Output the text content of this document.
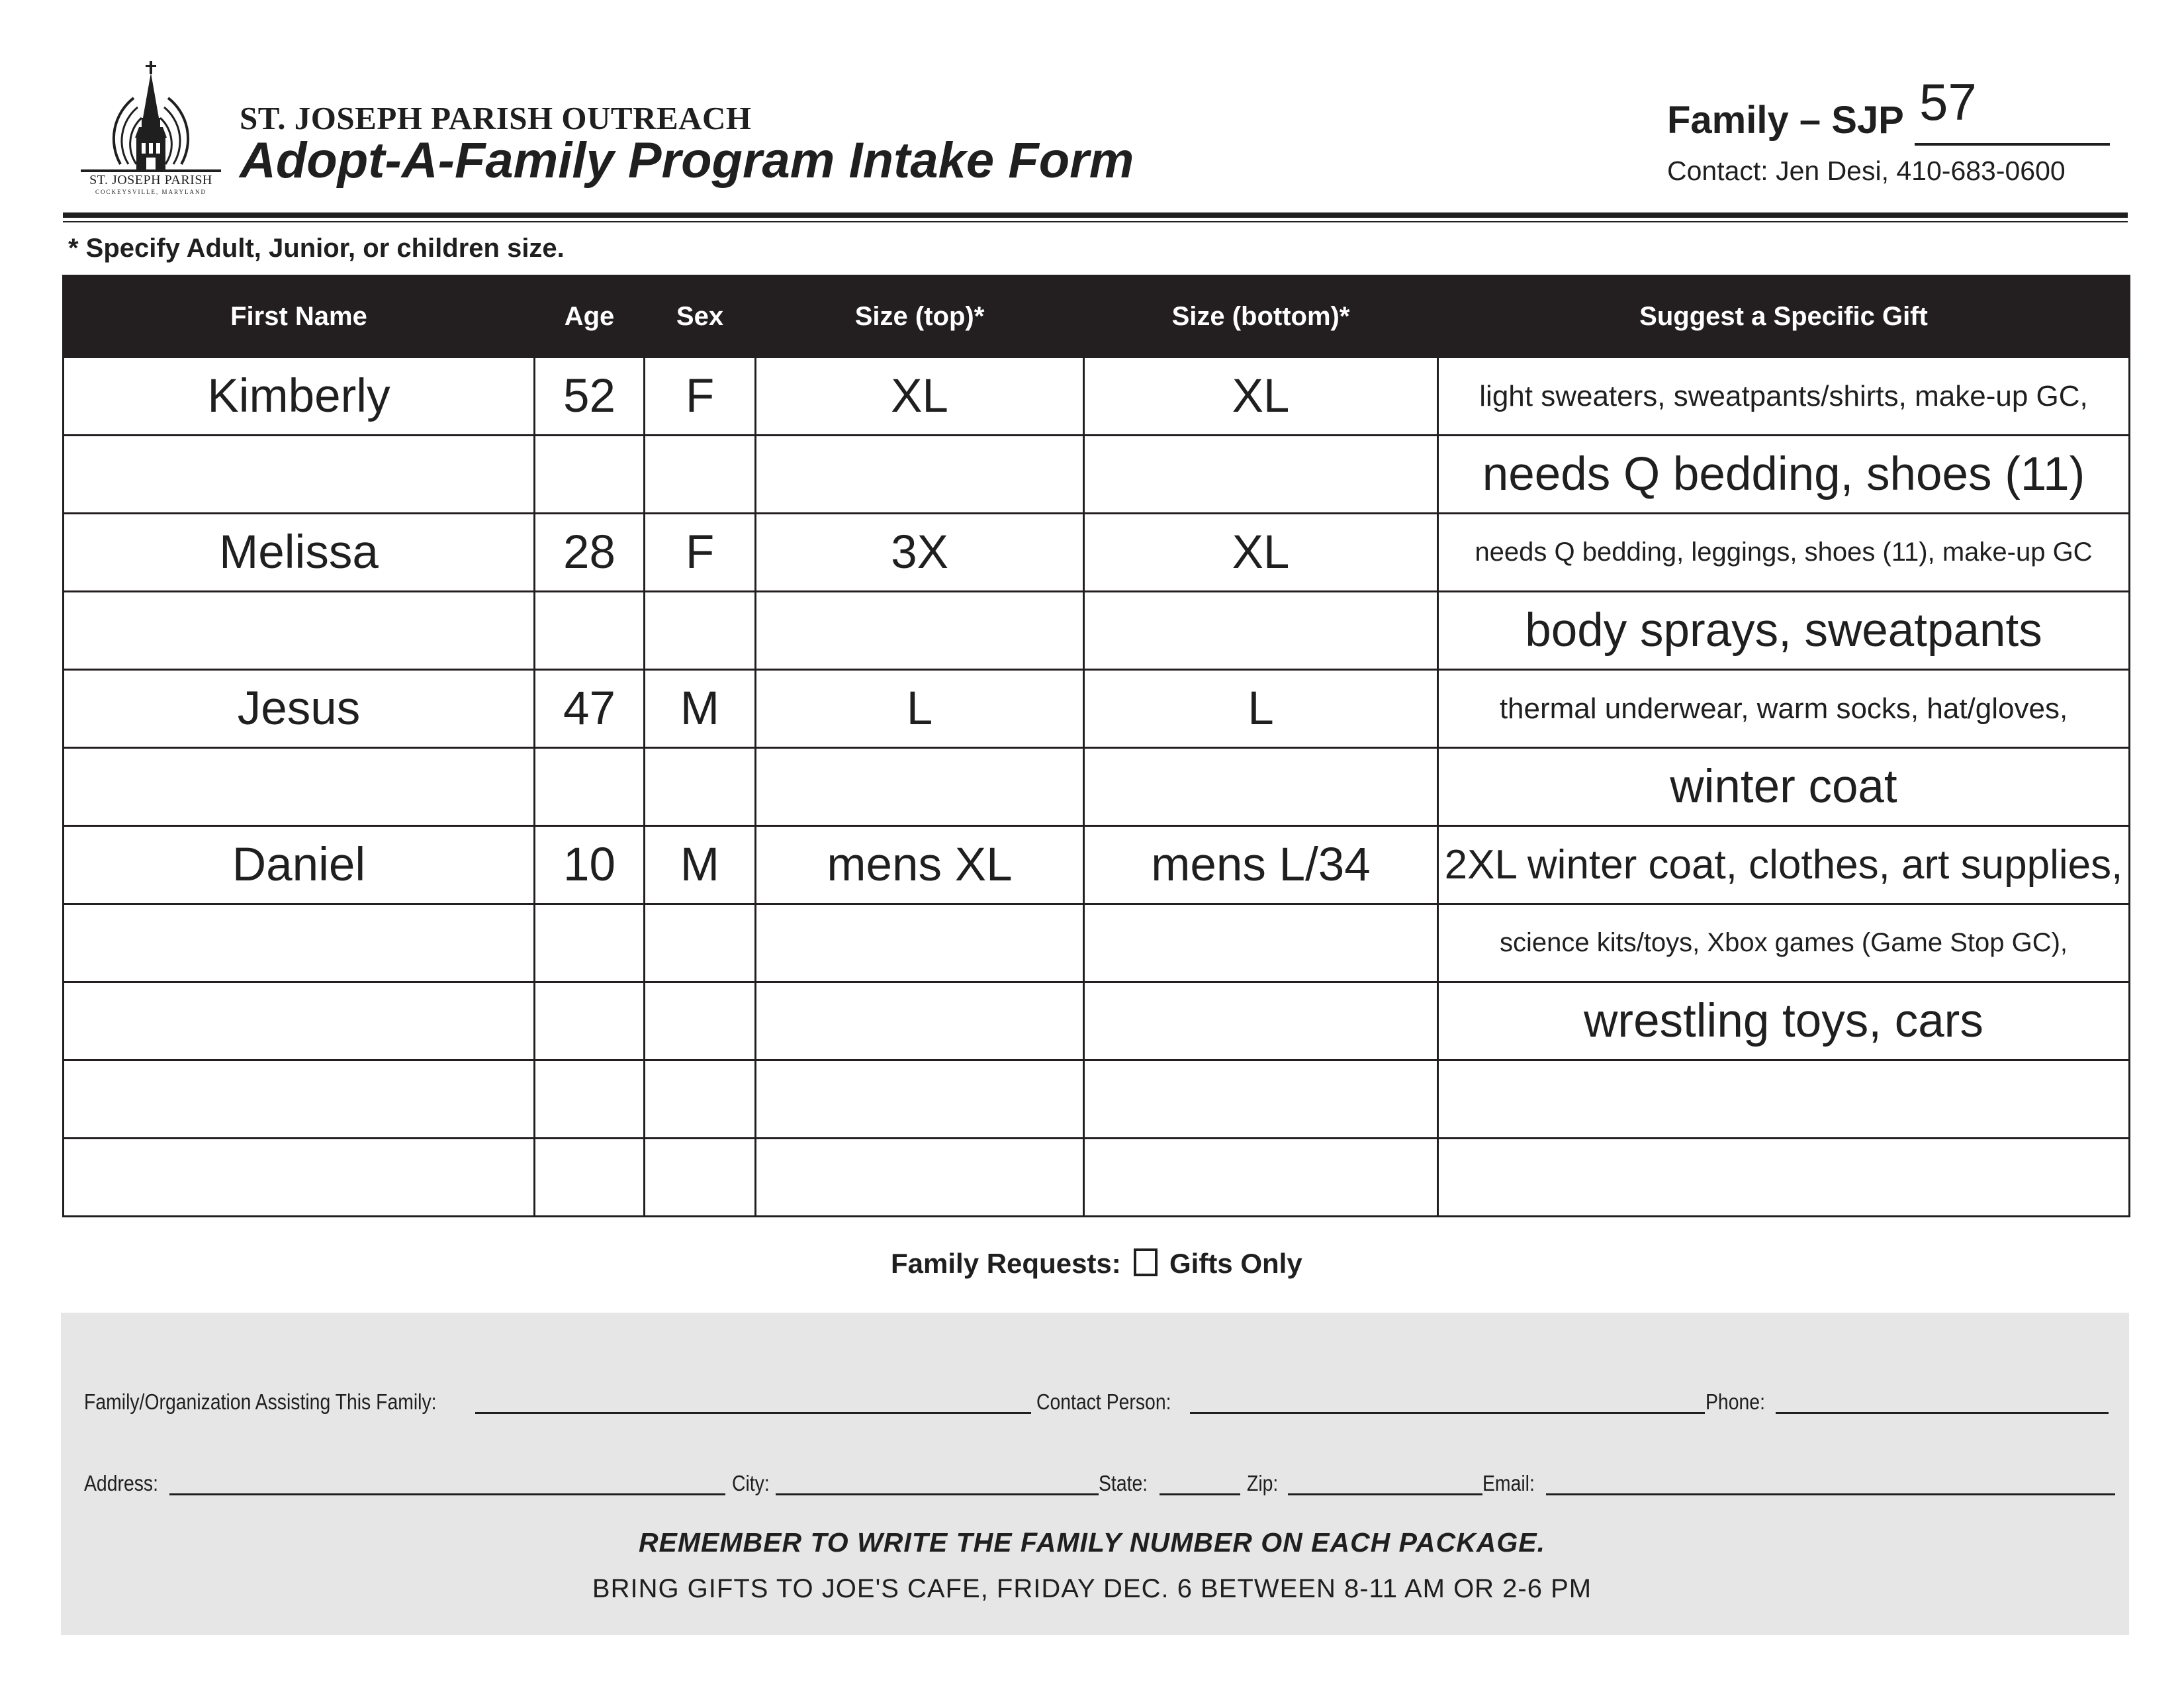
ST. JOSEPH PARISH
COCKEYSVILLE, MARYLAND
ST. JOSEPH PARISH OUTREACH
Adopt-A-Family Program Intake Form
Family – SJP 57
Contact: Jen Desi, 410-683-0600
* Specify Adult, Junior, or children size.
First Name	Age	Sex	Size (top)*	Size (bottom)*	Suggest a Specific Gift
Kimberly	52	F	XL	XL	light sweaters, sweatpants/shirts, make-up GC,
					needs Q bedding, shoes (11)
Melissa	28	F	3X	XL	needs Q bedding, leggings, shoes (11), make-up GC
					body sprays, sweatpants
Jesus	47	M	L	L	thermal underwear, warm socks, hat/gloves,
					winter coat
Daniel	10	M	mens XL	mens L/34	2XL winter coat, clothes, art supplies,
					science kits/toys, Xbox games (Game Stop GC),
					wrestling toys, cars

Family Requests: Gifts Only
Family/Organization Assisting This Family:	Contact Person:	Phone:
Address:	City:	State:	Zip:	Email:
REMEMBER TO WRITE THE FAMILY NUMBER ON EACH PACKAGE.
BRING GIFTS TO JOE'S CAFE, FRIDAY DEC. 6 BETWEEN 8-11 AM OR 2-6 PM
